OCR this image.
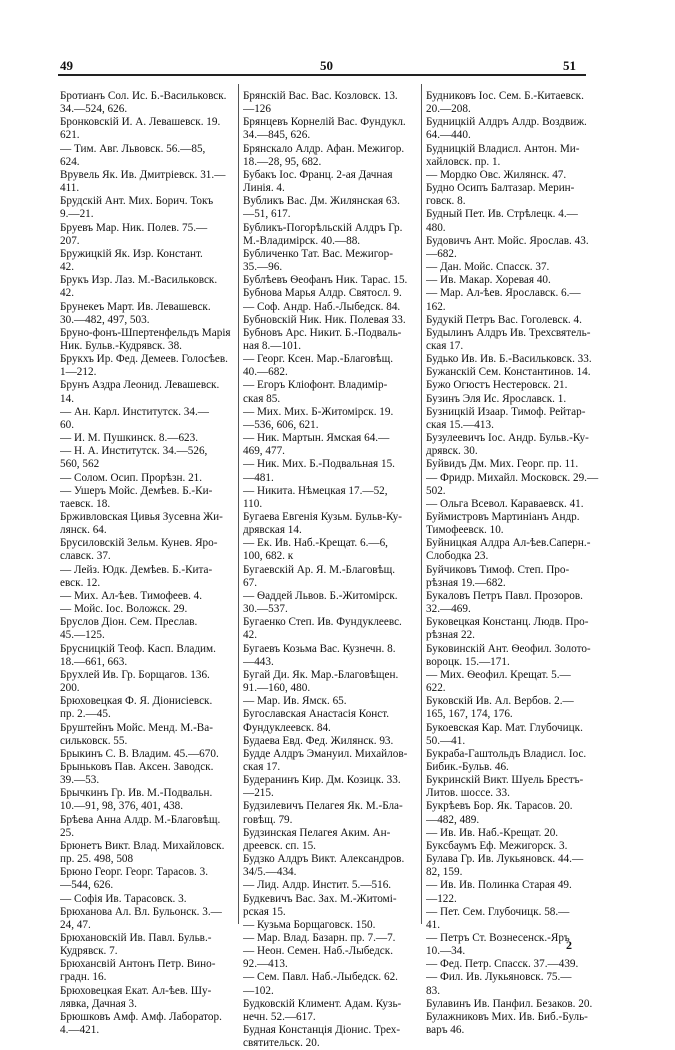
49	50	51
Бротианъ Сол. Ис. Б.-Васильковск.
34.—524, 626.
Бронковскій И. А. Левашевск. 19.
621.
— Тим. Авг. Львовск. 56.—85,
624.
Врувель Як. Ив. Дмитріевск. 31.—
411.
Брудскій Ант. Мих. Борич. Токъ
9.—21.
Бруевъ Мар. Ник. Полев. 75.—
207.
Бружицкій Як. Изр. Констант.
42.
Брукъ Изр. Лаз. М.-Васильковск.
42.
Брунекеъ Март. Ив. Левашевск.
30.—482, 497, 503.
Бруно-фонъ-Шпертенфельдъ Марія
Ник. Бульв.-Кудрявск. 38.
Брукхъ Ир. Фед. Демеев. Голосѣев.
1—212.
Брунъ Аздра Леонид. Левашевск.
14.
— Ан. Карл. Институтск. 34.—
60.
— И. М. Пушкинск. 8.—623.
— Н. А. Институтск. 34.—526,
560, 562
— Солом. Осип. Прорѣзн. 21.
— Ушеръ Мойс. Демѣев. Б.-Ки-
таевск. 18.
Брживловская Цивья Зусевна Жи-
лянск. 64.
Брусиловскій Зельм. Кунев. Яро-
славск. 37.
— Лейз. Юдк. Демѣев. Б.-Кита-
евск. 12.
— Мих. Ал-ѣев. Тимофеев. 4.
— Мойс. Іос. Воложск. 29.
Бруслов Діон. Сем. Преслав.
45.—125.
Брусницкій Теоф. Касп. Владим.
18.—661, 663.
Брухлей Ив. Гр. Борщагов. 136.
200.
Брюховецкая Ф. Я. Діонисіевск.
пр. 2.—45.
Бруштейнъ Мойс. Менд. М.-Ва-
сильковск. 55.
Брыкинъ С. В. Владим. 45.—670.
Брыньковъ Пав. Аксен. Заводск.
39.—53.
Брычкинъ Гр. Ив. М.-Подвальн.
10.—91, 98, 376, 401, 438.
Брѣева Анна Алдр. М.-Благовѣщ.
25.
Брюнетъ Викт. Влад. Михайловск.
пр. 25. 498, 508
Брюно Георг. Георг. Тарасов. 3.
—544, 626.
— Софія Ив. Тарасовск. 3.
Брюханова Ал. Вл. Бульонск. 3.—
24, 47.
Брюхановскій Ив. Павл. Бульв.-
Кудрявск. 7.
Брюхансвій Антонъ Петр. Вино-
градн. 16.
Брюховецкая Екат. Ал-ѣев. Шу-
лявка, Дачная 3.
Брюшковъ Амф. Амф. Лаборатор.
4.—421.
Брянскій Вас. Вас. Козловск. 13.
—126
Брянцевъ Корнелій Вас. Фундукл.
34.—845, 626.
Брянскало Алдр. Афан. Межигор.
18.—28, 95, 682.
Бубакъ Іос. Франц. 2-ая Дачная
Линія. 4.
Вубликъ Вас. Дм. Жилянская 63.
—51, 617.
Бубликъ-Погорѣльскій Алдръ Гр.
М.-Владимірск. 40.—88.
Бубличенко Тат. Вас. Межигор-
35.—96.
Бублѣевъ Ѳеофанъ Ник. Тарас. 15.
Бубнова Марья Алдр. Святосл. 9.
— Соф. Андр. Наб.-Лыбедск. 84.
Бубновскій Ник. Ник. Полевая 33.
Бубновъ Арс. Никит. Б.-Подваль-
ная 8.—101.
— Георг. Ксен. Мар.-Благовѣщ.
40.—682.
— Егоръ Кліофонт. Владимір-
ская 85.
— Мих. Мих. Б-Житомірск. 19.
—536, 606, 621.
— Ник. Мартын. Ямская 64.—
469, 477.
— Ник. Мих. Б.-Подвальная 15.
—481.
— Никита. Нѣмецкая 17.—52,
110.
Бугаева Евгенія Кузьм. Бульв-Ку-
дрявская 14.
— Ек. Ив. Наб.-Крещат. 6.—6,
100, 682. к
Бугаевскій Ар. Я. М.-Благовѣщ.
67.
— Ѳаддей Львов. Б.-Житомірск.
30.—537.
Бугаенко Степ. Ив. Фундуклеевс.
42.
Бугаевъ Козьма Вас. Кузнечн. 8.
—443.
Бугай Ди. Як. Мар.-Благовѣщен.
91.—160, 480.
— Мар. Ив. Ямск. 65.
Бугославская Анастасія Конст.
Фундуклеевск. 84.
Будаева Евд. Фед. Жилянск. 93.
Будде Алдръ Эмануил. Михайлов-
ская 17.
Будеранинъ Кир. Дм. Козицк. 33.
—215.
Будзилевичъ Пелагея Як. М.-Бла-
говѣщ. 79.
Будзинская Пелагея Аким. Ан-
дреевск. сп. 15.
Будзко Алдръ Викт. Александров.
34/5.—434.
— Лид. Алдр. Инстит. 5.—516.
Будкевичъ Вас. Зах. М.-Житомі-
рская 15.
— Кузьма Борщаговск. 150.
— Мар. Влад. Базарн. пр. 7.—7.
— Неон. Семен. Наб.-Лыбедск.
92.—413.
— Сем. Павл. Наб.-Лыбедск. 62.
—102.
Будковскій Климент. Адам. Кузь-
нечн. 52.—617.
Будная Констанція Діонис. Трех-
святительск. 20.
Будниковъ Іос. Сем. Б.-Китаевск.
20.—208.
Будницкій Алдръ Алдр. Воздвиж.
64.—440.
Будницкій Владисл. Антон. Ми-
хайловск. пр. 1.
— Мордко Овс. Жилянск. 47.
Будно Осипъ Балтазар. Мерин-
говск. 8.
Будный Пет. Ив. Стрѣлецк. 4.—
480.
Будовичъ Ант. Мойс. Ярослав. 43.
—682.
— Дан. Мойс. Спасск. 37.
— Ив. Макар. Хоревая 40.
— Мар. Ал-ѣев. Ярославск. 6.—
162.
Будукій Петръ Вас. Гоголевск. 4.
Будылинъ Алдръ Ив. Трехсвятель-
ская 17.
Будько Ив. Ив. Б.-Васильковск. 33.
Бужанскій Сем. Константинов. 14.
Бужо Огюстъ Нестеровск. 21.
Бузинъ Эля Ис. Ярославск. 1.
Бузницкій Изаар. Тимоф. Рейтар-
ская 15.—413.
Бузулеевичъ Іос. Андр. Бульв.-Ку-
дрявск. 30.
Буйвидъ Дм. Мих. Георг. пр. 11.
— Фридр. Михайл. Московск. 29.—
502.
— Ольга Всевол. Караваевск. 41.
Буймистровъ Мартиніанъ Андр.
Тимофеевск. 10.
Буйницкая Алдра Ал-ѣев.Саперн.-
Слободка 23.
Буйчиковъ Тимоф. Степ. Про-
рѣзная 19.—682.
Букаловъ Петръ Павл. Прозоров.
32.—469.
Буковецкая Констанц. Людв. Про-
рѣзная 22.
Буковинскій Ант. Ѳеофил. Золото-
вороцк. 15.—171.
— Мих. Ѳеофил. Крещат. 5.—
622.
Буковскій Ив. Ал. Вербов. 2.—
165, 167, 174, 176.
Букоевская Кар. Мат. Глубочицк.
50.—41.
Букрaба-Гаштольдъ Владисл. Іос.
Бибик.-Бульв. 46.
Букринскій Викт. Шуель Брестъ-
Литов. шоссе. 33.
Букрѣевъ Бор. Як. Тарасов. 20.
—482, 489.
— Ив. Ив. Наб.-Крещат. 20.
Букcбаумъ Еф. Межигорск. 3.
Булава Гр. Ив. Лукьяновск. 44.—
82, 159.
— Ив. Ив. Полинка Старая 49.
—122.
— Пет. Сем. Глубочицк. 58.—
41.
— Петръ Ст. Вознесенск.-Яръ
10.—34.
— Фед. Петр. Спасск. 37.—439.
— Фил. Ив. Лукьяновск. 75.—
83.
Булавинъ Ив. Панфил. Безаков. 20.
Булажниковъ Мих. Ив. Биб.-Буль-
варъ 46.
2
